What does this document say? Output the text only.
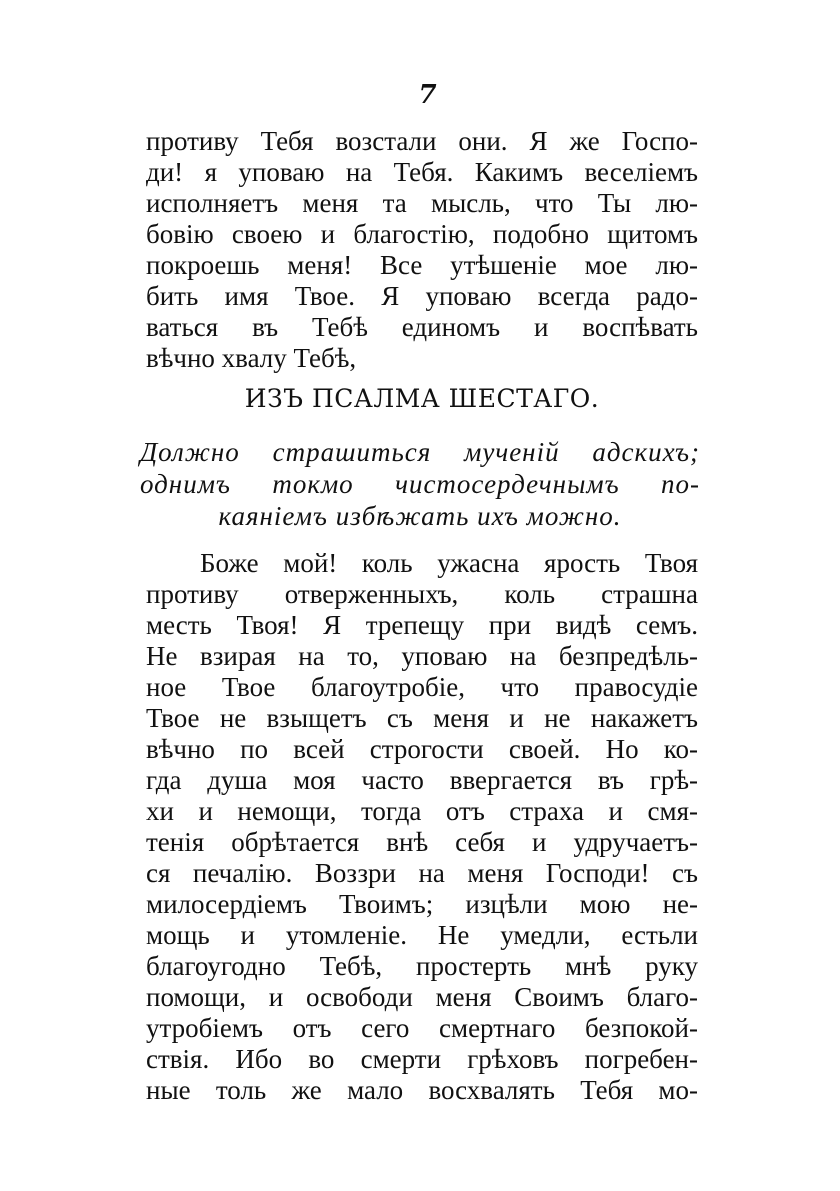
7
противу Тебя возстали они. Я же Госпо-
ди! я уповаю на Тебя. Какимъ веселіемъ
исполняетъ меня та мысль, что Ты лю-
бовію своею и благостію, подобно щитомъ
покроешь меня! Все утѣшеніе мое лю-
бить имя Твое. Я уповаю всегда радо-
ваться въ Тебѣ единомъ и воспѣвать
вѣчно хвалу Тебѣ,
ИЗЪ ПСАЛМА ШЕСТАГО.
Должно страшиться мученій адскихъ;
однимъ токмо чистосердечнымъ по-
каяніемъ избѣжать ихъ можно.
Боже мой! коль ужасна ярость Твоя
противу отверженныхъ, коль страшна
месть Твоя! Я трепещу при видѣ семъ.
Не взирая на то, уповаю на безпредѣль-
ное Твое благоутробіе, что правосудіе
Твое не взыщетъ съ меня и не накажетъ
вѣчно по всей строгости своей. Но ко-
гда душа моя часто ввергается въ грѣ-
хи и немощи, тогда отъ страха и смя-
тенія обрѣтается внѣ себя и удручаетъ-
ся печалію. Воззри на меня Господи! съ
милосердіемъ Твоимъ; изцѣли мою не-
мощь и утомленіе. Не умедли, естьли
благоугодно Тебѣ, простерть мнѣ руку
помощи, и освободи меня Своимъ благо-
утробіемъ отъ сего смертнаго безпокой-
ствія. Ибо во смерти грѣховъ погребен-
ные толь же мало восхвалять Тебя мо-
